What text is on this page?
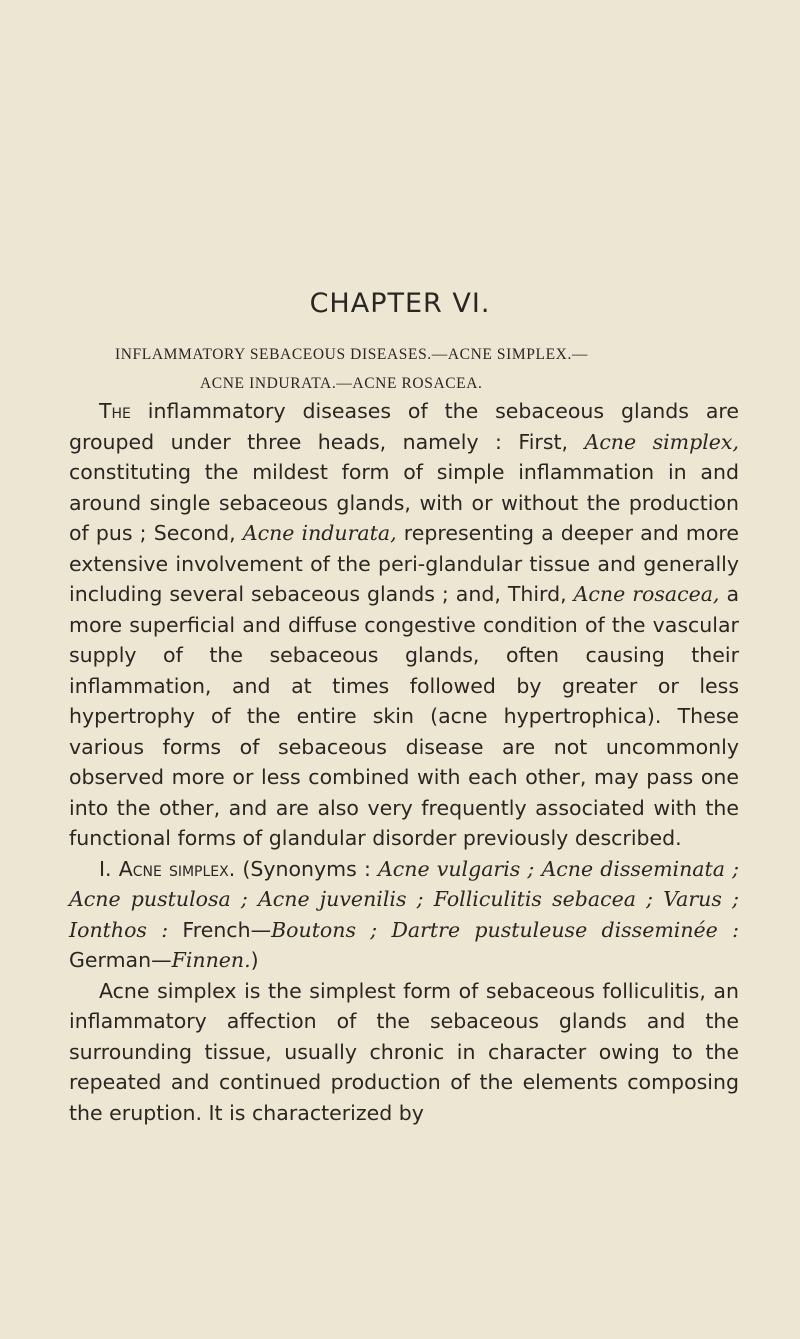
CHAPTER VI.
INFLAMMATORY SEBACEOUS DISEASES.—ACNE SIMPLEX.—
ACNE INDURATA.—ACNE ROSACEA.

The inflammatory diseases of the sebaceous glands are grouped under three heads, namely : First, Acne simplex, constituting the mildest form of simple inflammation in and around single sebaceous glands, with or without the production of pus ; Second, Acne indurata, representing a deeper and more extensive involvement of the peri-glandular tissue and generally including several sebaceous glands ; and, Third, Acne rosacea, a more superficial and diffuse congestive condition of the vascular supply of the sebaceous glands, often causing their inflammation, and at times followed by greater or less hypertrophy of the entire skin (acne hypertrophica). These various forms of sebaceous disease are not uncommonly observed more or less combined with each other, may pass one into the other, and are also very frequently associated with the functional forms of glandular disorder previously described.

I. Acne simplex. (Synonyms : Acne vulgaris ; Acne disseminata ; Acne pustulosa ; Acne juvenilis ; Folliculitis sebacea ; Varus ; Ionthos : French—Boutons ; Dartre pustuleuse disseminée : German—Finnen.)

Acne simplex is the simplest form of sebaceous folliculitis, an inflammatory affection of the sebaceous glands and the surrounding tissue, usually chronic in character owing to the repeated and continued production of the elements composing the eruption. It is characterized by
